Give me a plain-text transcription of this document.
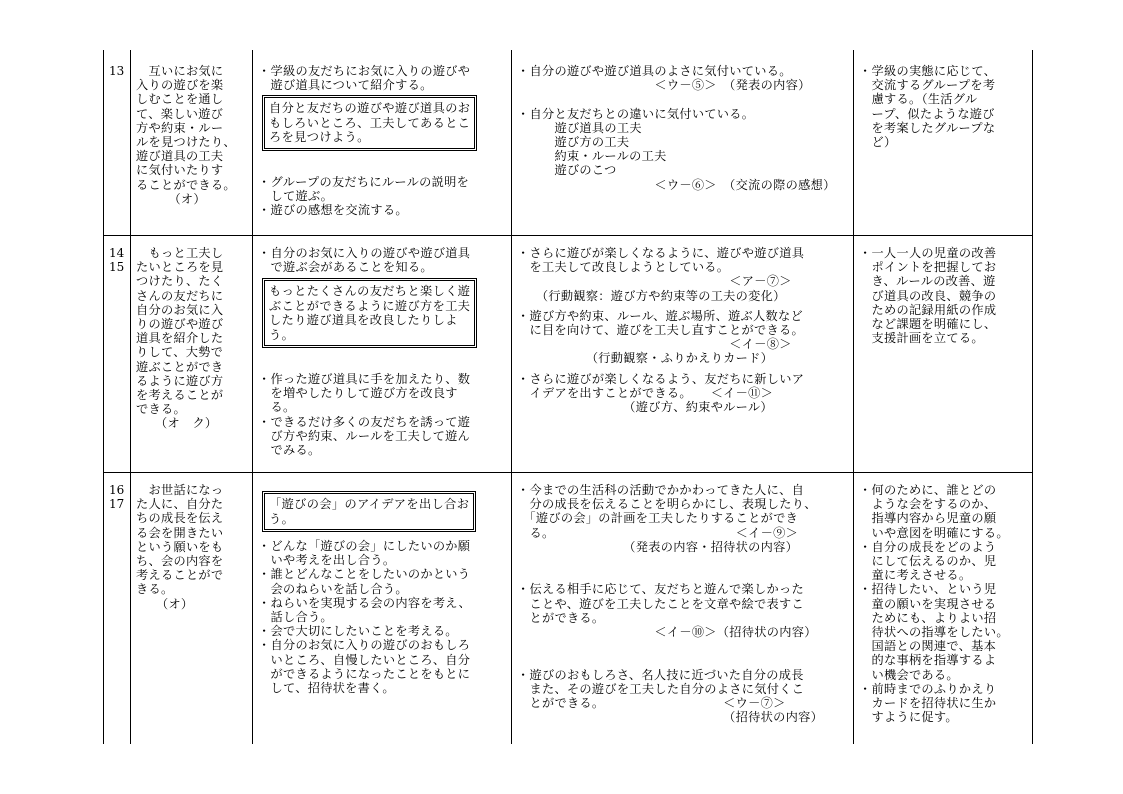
13 　互いにお気に
入りの遊びを楽
しむことを通し
て、楽しい遊び
方や約束・ルー
ルを見つけたり、
遊び道具の工夫
に気付いたりす
ることができる。
（オ）
・学級の友だちにお気に入りの遊びや
　遊び道具について紹介する。
自分と友だちの遊びや遊び道具のお
もしろいところ、工夫してあるとこ
ろを見つけよう。
・グループの友だちにルールの説明を
　して遊ぶ。
・遊びの感想を交流する。
・自分の遊びや遊び道具のよさに気付いている。
　　　　　　　　　　　＜ウ－⑤＞　（発表の内容）
・自分と友だちとの違いに気付いている。
　　　遊び道具の工夫
　　　遊び方の工夫
　　　約束・ルールの工夫
　　　遊びのこつ
　　　　　　　　　　　＜ウ－⑥＞　（交流の際の感想）
・学級の実態に応じて、
　交流するグループを考
　慮する。（生活グル
　ープ、似たような遊び
　を考案したグループな
　ど）
14
15
　もっと工夫し
たいところを見
つけたり、たく
さんの友だちに
自分のお気に入
りの遊びや遊び
道具を紹介した
りして、大勢で
遊ぶことができ
るように遊び方
を考えることが
できる。
（オ　ク）
・自分のお気に入りの遊びや遊び道具
　で遊ぶ会があることを知る。
もっとたくさんの友だちと楽しく遊
ぶことができるように遊び方を工夫
したり遊び道具を改良したりしよ
う。
・作った遊び道具に手を加えたり、数
　を増やしたりして遊び方を改良す
　る。
・できるだけ多くの友だちを誘って遊
　び方や約束、ルールを工夫して遊ん
　でみる。
・さらに遊びが楽しくなるように、遊びや遊び道具
　を工夫して改良しようとしている。
　　　　　　　　　　　　　　　　　＜ア－⑦＞
　　（行動観察：遊び方や約束等の工夫の変化）
・遊び方や約束、ルール、遊ぶ場所、遊ぶ人数など
　に目を向けて、遊びを工夫し直すことができる。
　　　　　　　　　　　　　　　　　＜イ－⑧＞
　　　　　　（行動観察・ふりかえりカード）
・さらに遊びが楽しくなるよう、友だちに新しいア
　イデアを出すことができる。　　＜イ－⑪＞
　　　　　　　　　（遊び方、約束やルール）
・一人一人の児童の改善
　ポイントを把握してお
　き、ルールの改善、遊
　び道具の改良、競争の
　ための記録用紙の作成
　など課題を明確にし、
　支援計画を立てる。
16
17
　お世話になっ
た人に、自分た
ちの成長を伝え
る会を開きたい
という願いをも
ち、会の内容を
考えることがで
きる。
（オ）
「遊びの会」のアイデアを出し合お
う。
・どんな「遊びの会」にしたいのか願
　いや考えを出し合う。
・誰とどんなことをしたいのかという
　会のねらいを話し合う。
・ねらいを実現する会の内容を考え、
　話し合う。
・会で大切にしたいことを考える。
・自分のお気に入りの遊びのおもしろ
　いところ、自慢したいところ、自分
　ができるようになったことをもとに
　して、招待状を書く。
・今までの生活科の活動でかかわってきた人に、自
　分の成長を伝えることを明らかにし、表現したり、
　「遊びの会」の計画を工夫したりすることができ
　る。　　　　　　　　　　　　　　　＜イ－⑨＞
　　　　　　　　　（発表の内容・招待状の内容）
・伝える相手に応じて、友だちと遊んで楽しかった
　ことや、遊びを工夫したことを文章や絵で表すこ
　とができる。
　　　　　　　　　　　＜イ－⑩＞（招待状の内容）
・遊びのおもしろさ、名人技に近づいた自分の成長
　また、その遊びを工夫した自分のよさに気付くこ
　とができる。　　　　　　　　　　＜ウ－⑦＞
　　　　　　　　　　　　　　　　　（招待状の内容）
・何のために、誰とどの
　ような会をするのか、
　指導内容から児童の願
　いや意図を明確にする。
・自分の成長をどのよう
　にして伝えるのか、児
　童に考えさせる。
・招待したい、という児
　童の願いを実現させる
　ためにも、よりよい招
　待状への指導をしたい。
　国語との関連で、基本
　的な事柄を指導するよ
　い機会である。
・前時までのふりかえり
　カードを招待状に生か
　すように促す。
